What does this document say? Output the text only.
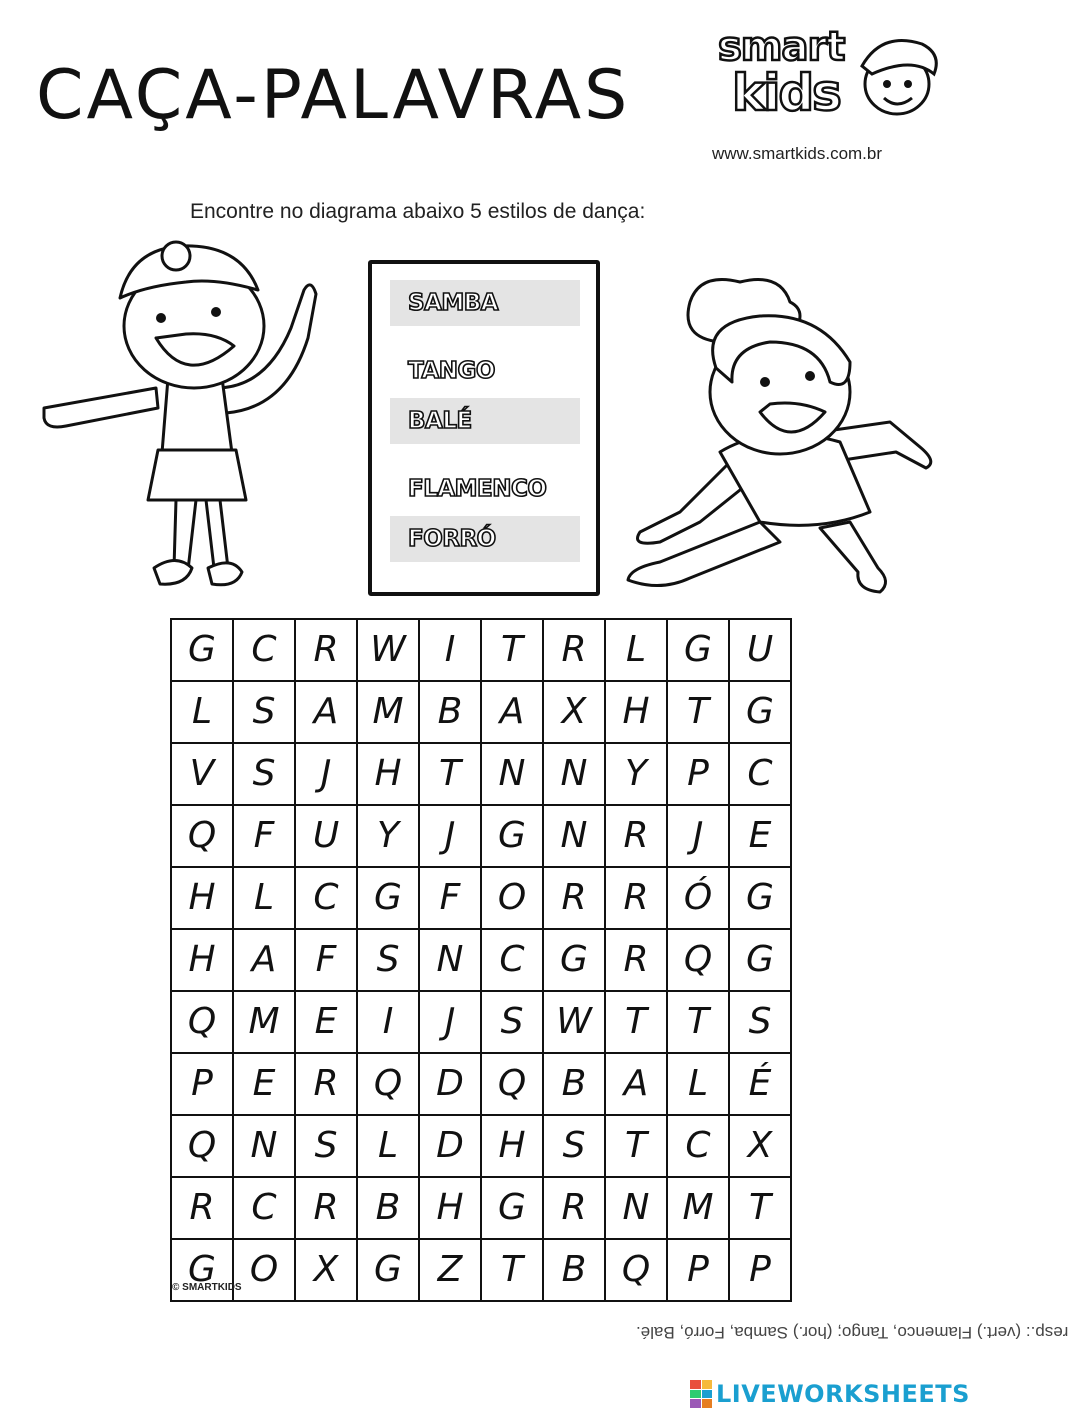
CAÇA-PALAVRAS
smart
kids
www.smartkids.com.br
Encontre no diagrama abaixo 5 estilos de dança:
SAMBA
TANGO
BALÉ
FLAMENCO
FORRÓ
G	C	R	W	I	T	R	L	G	U
L	S	A	M	B	A	X	H	T	G
V	S	J	H	T	N	N	Y	P	C
Q	F	U	Y	J	G	N	R	J	E
H	L	C	G	F	O	R	R	Ó	G
H	A	F	S	N	C	G	R	Q	G
Q	M	E	I	J	S	W	T	T	S
P	E	R	Q	D	Q	B	A	L	É
Q	N	S	L	D	H	S	T	C	X
R	C	R	B	H	G	R	N	M	T
G	O	X	G	Z	T	B	Q	P	P
© SMARTKIDS
resp.: (vert.) Flamenco, Tango; (hor.) Samba, Forró, Balé.
LIVEWORKSHEETS
